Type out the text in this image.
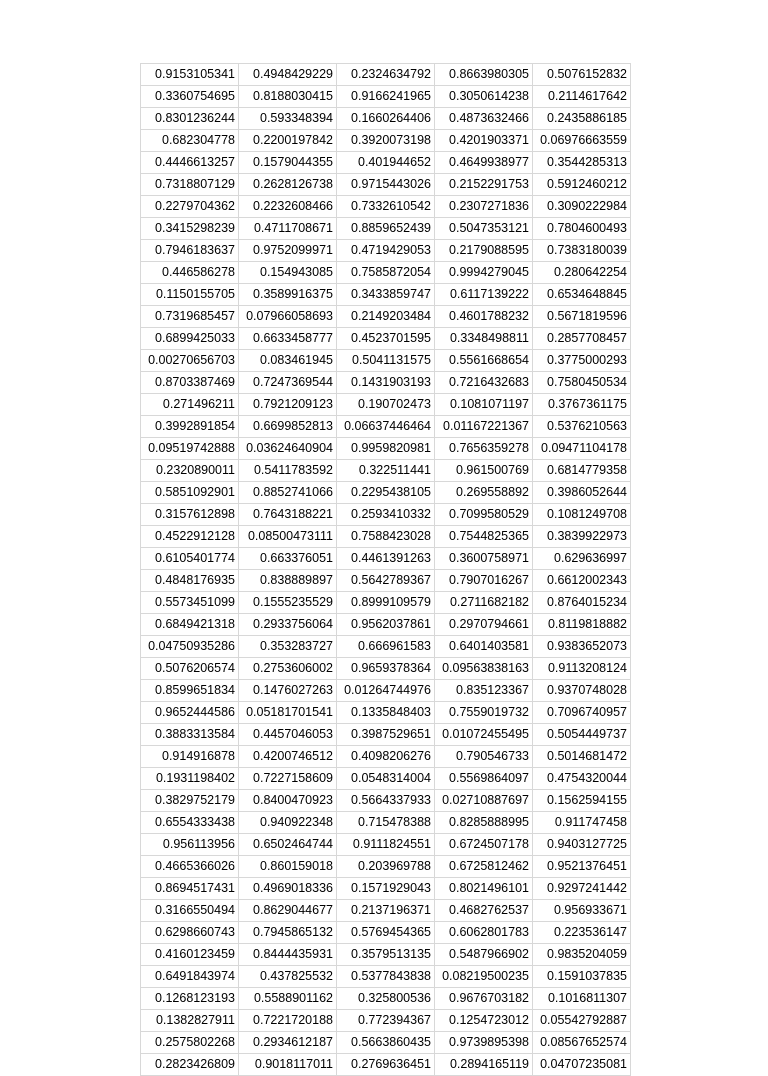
0.9153105341	0.4948429229	0.2324634792	0.8663980305	0.5076152832
0.3360754695	0.8188030415	0.9166241965	0.3050614238	0.2114617642
0.8301236244	0.593348394	0.1660264406	0.4873632466	0.2435886185
0.682304778	0.2200197842	0.3920073198	0.4201903371	0.06976663559
0.4446613257	0.1579044355	0.401944652	0.4649938977	0.3544285313
0.7318807129	0.2628126738	0.9715443026	0.2152291753	0.5912460212
0.2279704362	0.2232608466	0.7332610542	0.2307271836	0.3090222984
0.3415298239	0.4711708671	0.8859652439	0.5047353121	0.7804600493
0.7946183637	0.9752099971	0.4719429053	0.2179088595	0.7383180039
0.446586278	0.154943085	0.7585872054	0.9994279045	0.280642254
0.1150155705	0.3589916375	0.3433859747	0.6117139222	0.6534648845
0.7319685457	0.07966058693	0.2149203484	0.4601788232	0.5671819596
0.6899425033	0.6633458777	0.4523701595	0.3348498811	0.2857708457
0.00270656703	0.083461945	0.5041131575	0.5561668654	0.3775000293
0.8703387469	0.7247369544	0.1431903193	0.7216432683	0.7580450534
0.271496211	0.7921209123	0.190702473	0.1081071197	0.3767361175
0.3992891854	0.6699852813	0.06637446464	0.01167221367	0.5376210563
0.09519742888	0.03624640904	0.9959820981	0.7656359278	0.09471104178
0.2320890011	0.5411783592	0.322511441	0.961500769	0.6814779358
0.5851092901	0.8852741066	0.2295438105	0.269558892	0.3986052644
0.3157612898	0.7643188221	0.2593410332	0.7099580529	0.1081249708
0.4522912128	0.08500473111	0.7588423028	0.7544825365	0.3839922973
0.6105401774	0.663376051	0.4461391263	0.3600758971	0.629636997
0.4848176935	0.838889897	0.5642789367	0.7907016267	0.6612002343
0.5573451099	0.1555235529	0.8999109579	0.2711682182	0.8764015234
0.6849421318	0.2933756064	0.9562037861	0.2970794661	0.8119818882
0.04750935286	0.353283727	0.666961583	0.6401403581	0.9383652073
0.5076206574	0.2753606002	0.9659378364	0.09563838163	0.9113208124
0.8599651834	0.1476027263	0.01264744976	0.835123367	0.9370748028
0.9652444586	0.05181701541	0.1335848403	0.7559019732	0.7096740957
0.3883313584	0.4457046053	0.3987529651	0.01072455495	0.5054449737
0.914916878	0.4200746512	0.4098206276	0.790546733	0.5014681472
0.1931198402	0.7227158609	0.0548314004	0.5569864097	0.4754320044
0.3829752179	0.8400470923	0.5664337933	0.02710887697	0.1562594155
0.6554333438	0.940922348	0.715478388	0.8285888995	0.911747458
0.956113956	0.6502464744	0.9111824551	0.6724507178	0.9403127725
0.4665366026	0.860159018	0.203969788	0.6725812462	0.9521376451
0.8694517431	0.4969018336	0.1571929043	0.8021496101	0.9297241442
0.3166550494	0.8629044677	0.2137196371	0.4682762537	0.956933671
0.6298660743	0.7945865132	0.5769454365	0.6062801783	0.223536147
0.4160123459	0.8444435931	0.3579513135	0.5487966902	0.9835204059
0.6491843974	0.437825532	0.5377843838	0.08219500235	0.1591037835
0.1268123193	0.5588901162	0.325800536	0.9676703182	0.1016811307
0.1382827911	0.7221720188	0.772394367	0.1254723012	0.05542792887
0.2575802268	0.2934612187	0.5663860435	0.9739895398	0.08567652574
0.2823426809	0.9018117011	0.2769636451	0.2894165119	0.04707235081
